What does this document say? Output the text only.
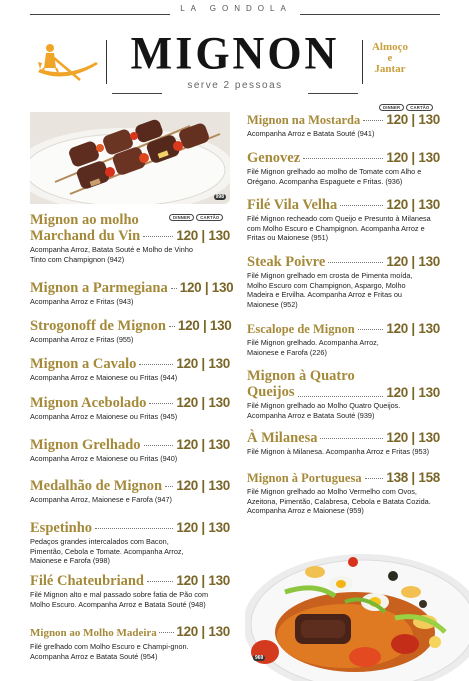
LA GONDOLA
MIGNON	Almoço
e
Jantar
serve 2 pessoas
998
DINNER	CARTÃO
Mignon ao molho
Marchand du Vin	120 | 130
Acompanha Arroz, Batata Souté e Molho de Vinho Tinto com Champignon (942)
Mignon a Parmegiana 120 | 130
Acompanha Arroz e Fritas (943)
Strogonoff de Mignon 120 | 130
Acompanha Arroz e Fritas (955)
Mignon a Cavalo	120 | 130
Acompanha Arroz e Maionese ou Fritas (944)
Mignon Acebolado 120 | 130
Acompanha Arroz e Maionese ou Fritas (945)
Mignon Grelhado	120 | 130
Acompanha Arroz e Maionese ou Fritas (940)
Medalhão de Mignon 120 | 130
Acompanha Arroz, Maionese e Farofa (947)
Espetinho	120 | 130
Pedaços grandes intercalados com Bacon, Pimentão, Cebola e Tomate. Acompanha Arroz, Maionese e Farofa (998)
Filé Chateubriand 120 | 130
Filé Mignon alto e mal passado sobre fatia de Pão com Molho Escuro. Acompanha Arroz e Batata Souté (948)
Mignon ao Molho Madeira 120 | 130
Filé grelhado com Molho Escuro e Champi-gnon. Acompanha Arroz e Batata Souté (954)
Mignon na Mostarda 120 | 130
Acompanha Arroz e Batata Souté (941)
DINNER	CARTÃO
Genovez	120 | 130
Filé Mignon grelhado ao molho de Tomate com Alho e Orégano. Acompanha Espaguete e Fritas. (936)
Filé Vila Velha	120 | 130
Filé Mignon recheado com Queijo e Presunto à Milanesa com Molho Escuro e Champignon. Acompanha Arroz e Fritas ou Maionese (951)
Steak Poivre	120 | 130
Filé Mignon grelhado em crosta de Pimenta moída, Molho Escuro com Champignon, Aspargo, Molho Madeira e Ervilha. Acompanha Arroz e Fritas ou Maionese (952)
Escalope de Mignon 120 | 130
Filé Mignon grelhado. Acompanha Arroz, Maionese e Farofa (226)
Mignon à Quatro
Queijos	120 | 130
Filé Mignon grelhado ao Molho Quatro Queijos. Acompanha Arroz e Batata Souté (939)
À Milanesa	120 | 130
Filé Mignon à Milanesa. Acompanha Arroz e Fritas (953)
Mignon à Portuguesa 138 | 158
Filé Mignon grelhado ao Molho Vermelho com Ovos, Azeitona, Pimentão, Calabresa, Cebola e Batata Cozida. Acompanha Arroz e Maionese (959)
969
